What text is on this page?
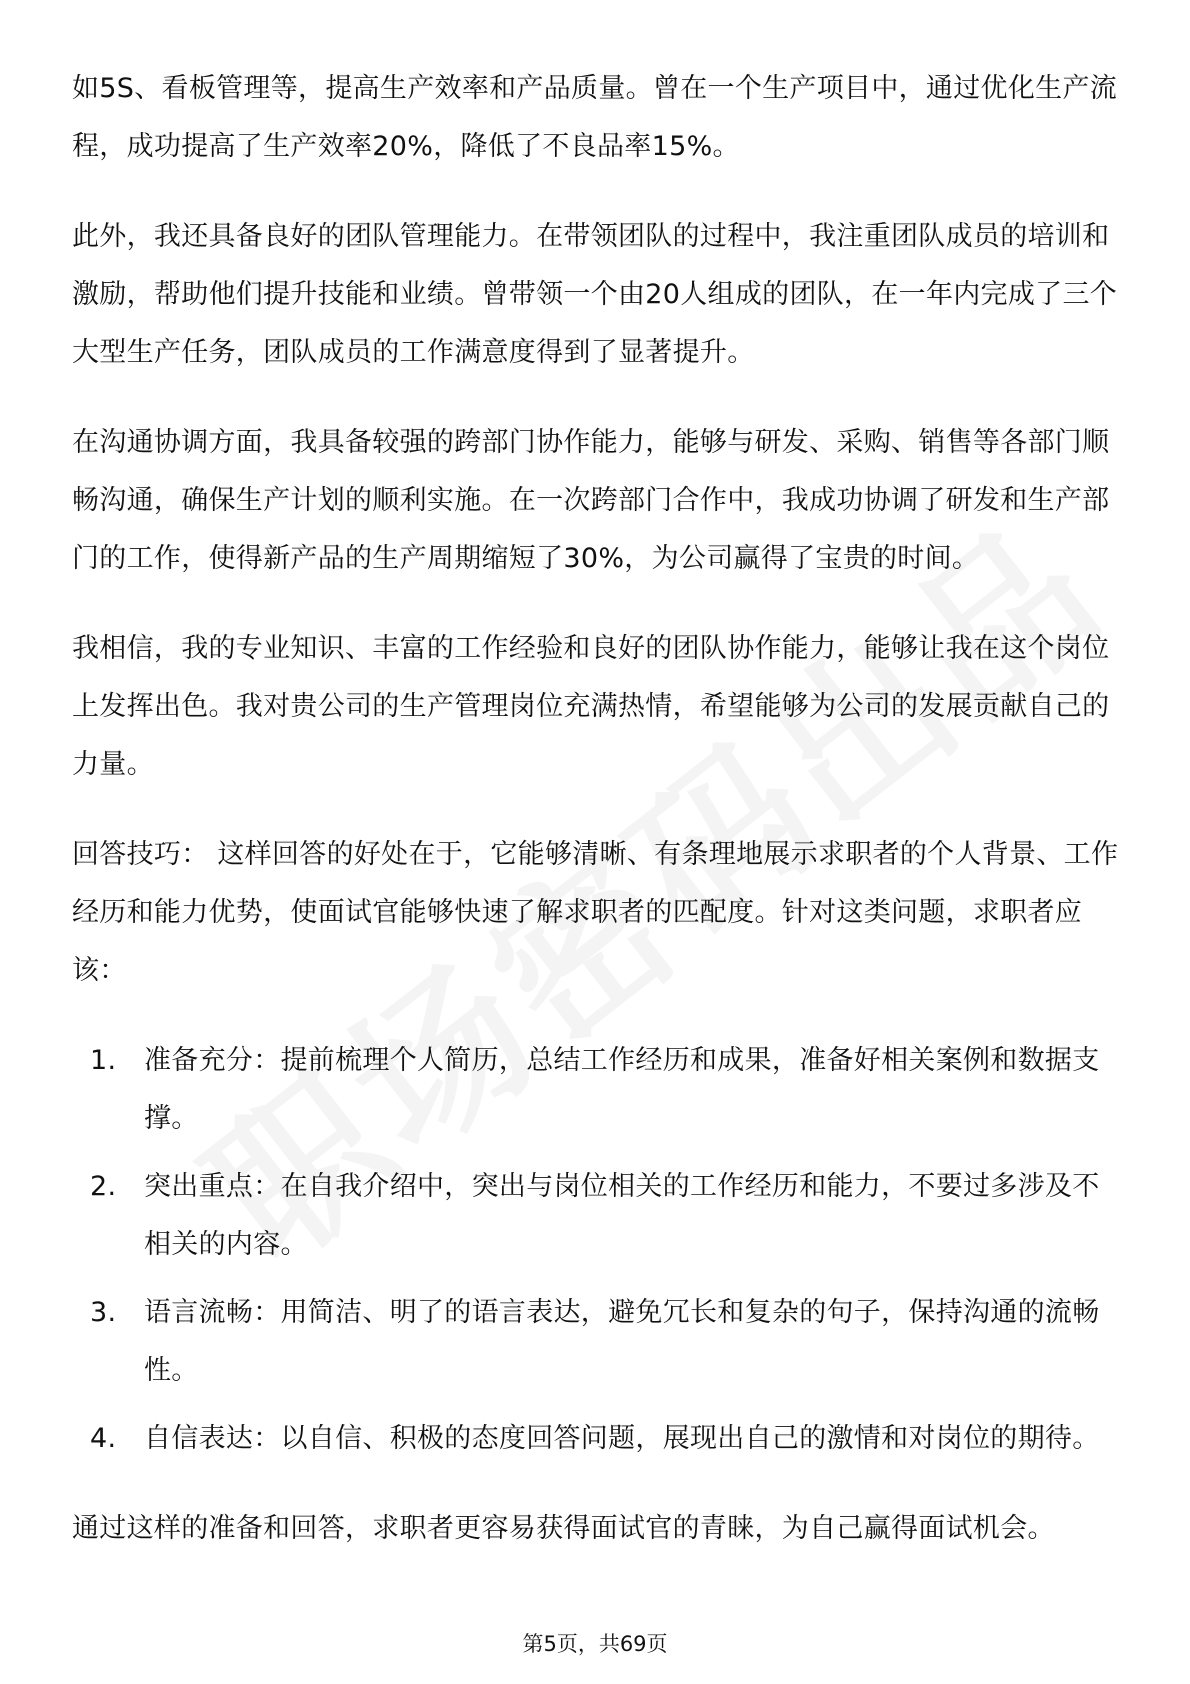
如5S、看板管理等，提高生产效率和产品质量。曾在一个生产项目中，通过优化生产流程，成功提高了生产效率20%，降低了不良品率15%。

此外，我还具备良好的团队管理能力。在带领团队的过程中，我注重团队成员的培训和激励，帮助他们提升技能和业绩。曾带领一个由20人组成的团队，在一年内完成了三个大型生产任务，团队成员的工作满意度得到了显著提升。

在沟通协调方面，我具备较强的跨部门协作能力，能够与研发、采购、销售等各部门顺畅沟通，确保生产计划的顺利实施。在一次跨部门合作中，我成功协调了研发和生产部门的工作，使得新产品的生产周期缩短了30%，为公司赢得了宝贵的时间。

我相信，我的专业知识、丰富的工作经验和良好的团队协作能力，能够让我在这个岗位上发挥出色。我对贵公司的生产管理岗位充满热情，希望能够为公司的发展贡献自己的力量。

回答技巧： 这样回答的好处在于，它能够清晰、有条理地展示求职者的个人背景、工作经历和能力优势，使面试官能够快速了解求职者的匹配度。针对这类问题，求职者应该：

1. 准备充分：提前梳理个人简历，总结工作经历和成果，准备好相关案例和数据支撑。
2. 突出重点：在自我介绍中，突出与岗位相关的工作经历和能力，不要过多涉及不相关的内容。
3. 语言流畅：用简洁、明了的语言表达，避免冗长和复杂的句子，保持沟通的流畅性。
4. 自信表达：以自信、积极的态度回答问题，展现出自己的激情和对岗位的期待。

通过这样的准备和回答，求职者更容易获得面试官的青睐，为自己赢得面试机会。

第5页，共69页
